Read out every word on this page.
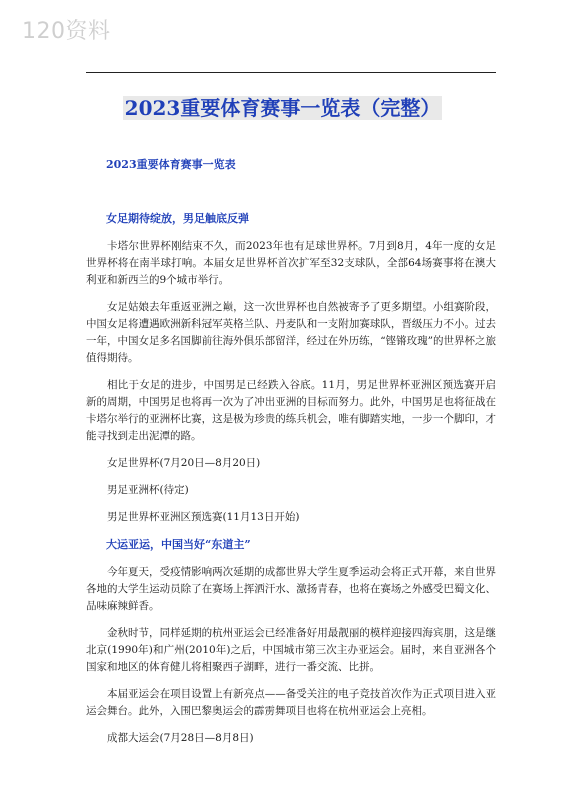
120资料
2023重要体育赛事一览表（完整）

2023重要体育赛事一览表

女足期待绽放，男足触底反弹

卡塔尔世界杯刚结束不久，而2023年也有足球世界杯。7月到8月，4年一度的女足世界杯将在南半球打响。本届女足世界杯首次扩军至32支球队，全部64场赛事将在澳大利亚和新西兰的9个城市举行。

女足姑娘去年重返亚洲之巅，这一次世界杯也自然被寄予了更多期望。小组赛阶段，中国女足将遭遇欧洲新科冠军英格兰队、丹麦队和一支附加赛球队，晋级压力不小。过去一年，中国女足多名国脚前往海外俱乐部留洋，经过在外历练，“铿锵玫瑰”的世界杯之旅值得期待。

相比于女足的进步，中国男足已经跌入谷底。11月，男足世界杯亚洲区预选赛开启新的周期，中国男足也将再一次为了冲出亚洲的目标而努力。此外，中国男足也将征战在卡塔尔举行的亚洲杯比赛，这是极为珍贵的练兵机会，唯有脚踏实地，一步一个脚印，才能寻找到走出泥潭的路。

女足世界杯(7月20日—8月20日)

男足亚洲杯(待定)

男足世界杯亚洲区预选赛(11月13日开始)

大运亚运，中国当好“东道主”

今年夏天，受疫情影响两次延期的成都世界大学生夏季运动会将正式开幕，来自世界各地的大学生运动员除了在赛场上挥洒汗水、激扬青春，也将在赛场之外感受巴蜀文化、品味麻辣鲜香。

金秋时节，同样延期的杭州亚运会已经准备好用最靓丽的模样迎接四海宾朋，这是继北京(1990年)和广州(2010年)之后，中国城市第三次主办亚运会。届时，来自亚洲各个国家和地区的体育健儿将相聚西子湖畔，进行一番交流、比拼。

本届亚运会在项目设置上有新亮点——备受关注的电子竞技首次作为正式项目进入亚运会舞台。此外，入围巴黎奥运会的霹雳舞项目也将在杭州亚运会上亮相。

成都大运会(7月28日—8月8日)
